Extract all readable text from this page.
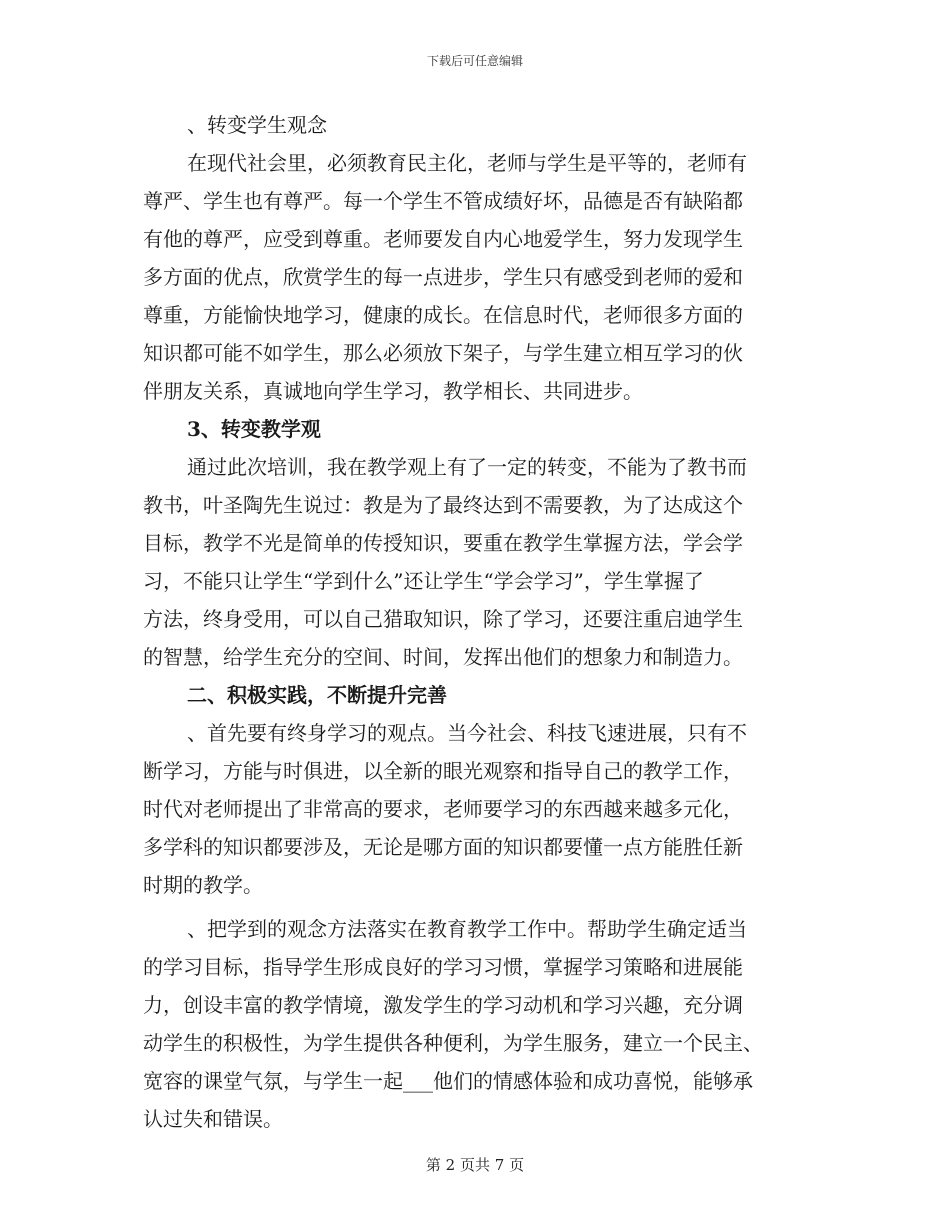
下载后可任意编辑
、转变学生观念
在现代社会里，必须教育民主化，老师与学生是平等的，老师有
尊严、学生也有尊严。每一个学生不管成绩好坏，品德是否有缺陷都
有他的尊严，应受到尊重。老师要发自内心地爱学生，努力发现学生
多方面的优点，欣赏学生的每一点进步，学生只有感受到老师的爱和
尊重，方能愉快地学习，健康的成长。在信息时代，老师很多方面的
知识都可能不如学生，那么必须放下架子，与学生建立相互学习的伙
伴朋友关系，真诚地向学生学习，教学相长、共同进步。
3、转变教学观
通过此次培训，我在教学观上有了一定的转变，不能为了教书而
教书，叶圣陶先生说过：教是为了最终达到不需要教，为了达成这个
目标，教学不光是简单的传授知识，要重在教学生掌握方法，学会学
习，不能只让学生“学到什么”还让学生“学会学习”，学生掌握了
方法，终身受用，可以自己猎取知识，除了学习，还要注重启迪学生
的智慧，给学生充分的空间、时间，发挥出他们的想象力和制造力。
二、积极实践，不断提升完善
、首先要有终身学习的观点。当今社会、科技飞速进展，只有不
断学习，方能与时俱进，以全新的眼光观察和指导自己的教学工作，
时代对老师提出了非常高的要求，老师要学习的东西越来越多元化，
多学科的知识都要涉及，无论是哪方面的知识都要懂一点方能胜任新
时期的教学。
、把学到的观念方法落实在教育教学工作中。帮助学生确定适当
的学习目标，指导学生形成良好的学习习惯，掌握学习策略和进展能
力，创设丰富的教学情境，激发学生的学习动机和学习兴趣，充分调
动学生的积极性，为学生提供各种便利，为学生服务，建立一个民主、
宽容的课堂气氛，与学生一起___他们的情感体验和成功喜悦，能够承
认过失和错误。
第 2 页共 7 页
